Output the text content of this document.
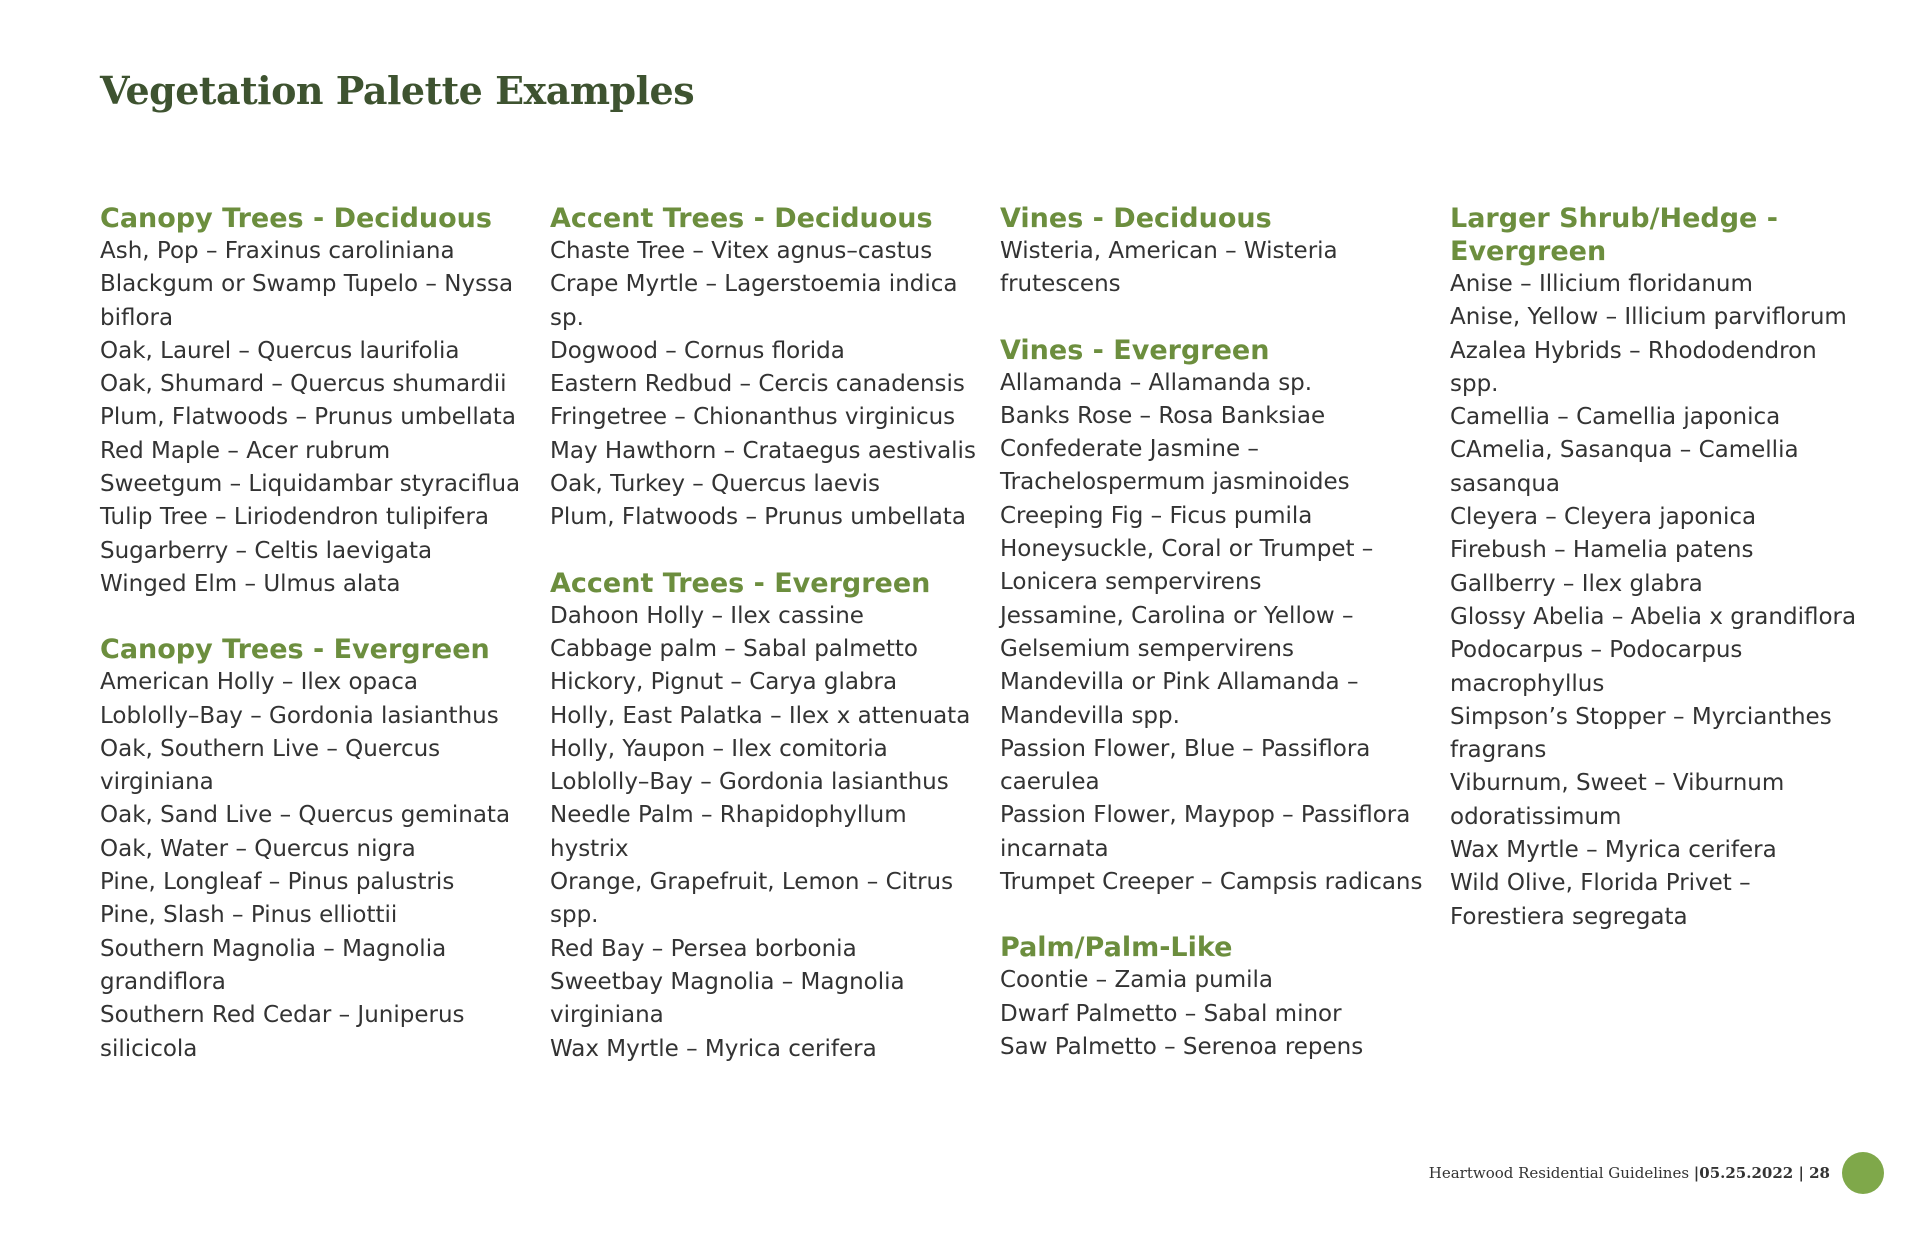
Vegetation Palette Examples
Canopy Trees - Deciduous
Ash, Pop – Fraxinus caroliniana
Blackgum or Swamp Tupelo – Nyssa biflora
Oak, Laurel – Quercus laurifolia
Oak, Shumard – Quercus shumardii
Plum, Flatwoods – Prunus umbellata
Red Maple – Acer rubrum
Sweetgum – Liquidambar styraciflua
Tulip Tree – Liriodendron tulipifera
Sugarberry – Celtis laevigata
Winged Elm – Ulmus alata
Canopy Trees - Evergreen
American Holly – Ilex opaca
Loblolly–Bay – Gordonia lasianthus
Oak, Southern Live – Quercus virginiana
Oak, Sand Live – Quercus geminata
Oak, Water – Quercus nigra
Pine, Longleaf – Pinus palustris
Pine, Slash – Pinus elliottii
Southern Magnolia – Magnolia grandiflora
Southern Red Cedar – Juniperus silicicola
Accent Trees - Deciduous
Chaste Tree – Vitex agnus–castus
Crape Myrtle – Lagerstoemia indica sp.
Dogwood – Cornus florida
Eastern Redbud – Cercis canadensis
Fringetree – Chionanthus virginicus
May Hawthorn – Crataegus aestivalis
Oak, Turkey – Quercus laevis
Plum, Flatwoods – Prunus umbellata
Accent Trees - Evergreen
Dahoon Holly – Ilex cassine
Cabbage palm – Sabal palmetto
Hickory, Pignut – Carya glabra
Holly, East Palatka – Ilex x attenuata
Holly, Yaupon – Ilex comitoria
Loblolly–Bay – Gordonia lasianthus
Needle Palm – Rhapidophyllum hystrix
Orange, Grapefruit, Lemon – Citrus spp.
Red Bay – Persea borbonia
Sweetbay Magnolia – Magnolia virginiana
Wax Myrtle – Myrica cerifera
Vines - Deciduous
Wisteria, American – Wisteria frutescens
Vines - Evergreen
Allamanda – Allamanda sp.
Banks Rose – Rosa Banksiae
Confederate Jasmine – Trachelospermum jasminoides
Creeping Fig – Ficus pumila
Honeysuckle, Coral or Trumpet – Lonicera sempervirens
Jessamine, Carolina or Yellow – Gelsemium sempervirens
Mandevilla or Pink Allamanda – Mandevilla spp.
Passion Flower, Blue – Passiflora caerulea
Passion Flower, Maypop – Passiflora incarnata
Trumpet Creeper – Campsis radicans
Palm/Palm-Like
Coontie – Zamia pumila
Dwarf Palmetto – Sabal minor
Saw Palmetto – Serenoa repens
Larger Shrub/Hedge - Evergreen
Anise – Illicium floridanum
Anise, Yellow – Illicium parviflorum
Azalea Hybrids – Rhododendron spp.
Camellia – Camellia japonica
CAmelia, Sasanqua – Camellia sasanqua
Cleyera – Cleyera japonica
Firebush – Hamelia patens
Gallberry – Ilex glabra
Glossy Abelia – Abelia x grandiflora
Podocarpus – Podocarpus macrophyllus
Simpson’s Stopper – Myrcianthes fragrans
Viburnum, Sweet – Viburnum odoratissimum
Wax Myrtle – Myrica cerifera
Wild Olive, Florida Privet – Forestiera segregata
Heartwood Residential Guidelines |05.25.2022 | 28
